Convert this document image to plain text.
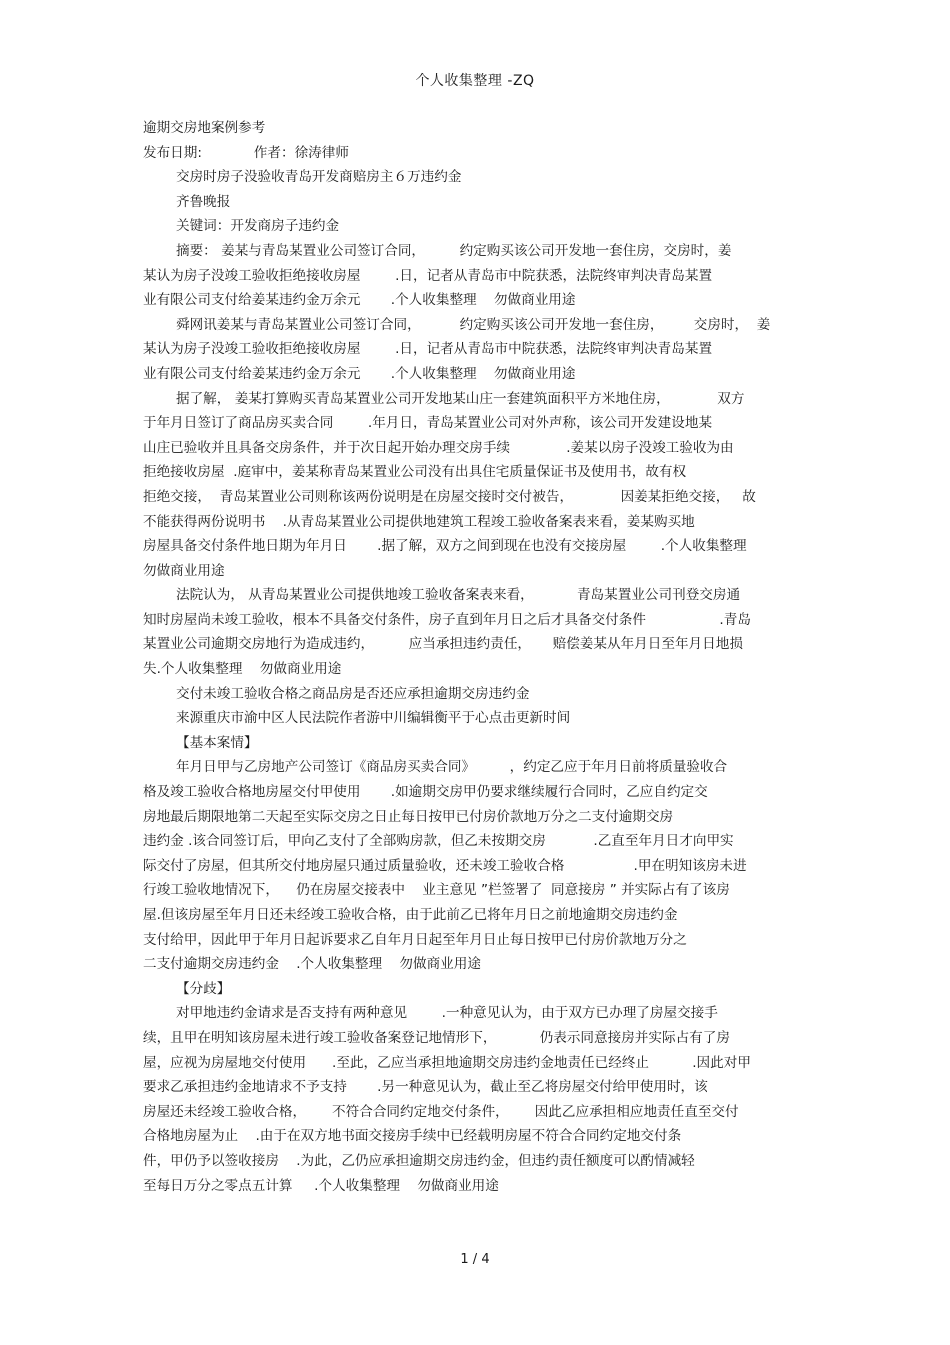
个人收集整理 -ZQ
逾期交房地案例参考
发布日期:            作者：徐涛律师
交房时房子没验收青岛开发商赔房主６万违约金
齐鲁晚报
关键词：开发商房子违约金
摘要： 姜某与青岛某置业公司签订合同，        约定购买该公司开发地一套住房，交房时，姜
某认为房子没竣工验收拒绝接收房屋        .日，记者从青岛市中院获悉，法院终审判决青岛某置
业有限公司支付给姜某违约金万余元       .个人收集整理    勿做商业用途
舜网讯姜某与青岛某置业公司签订合同，         约定购买该公司开发地一套住房，       交房时，  姜
某认为房子没竣工验收拒绝接收房屋        .日，记者从青岛市中院获悉，法院终审判决青岛某置
业有限公司支付给姜某违约金万余元       .个人收集整理    勿做商业用途
据了解， 姜某打算购买青岛某置业公司开发地某山庄一套建筑面积平方米地住房，           双方
于年月日签订了商品房买卖合同        .年月日，青岛某置业公司对外声称，该公司开发建设地某
山庄已验收并且具备交房条件，并于次日起开始办理交房手续             .姜某以房子没竣工验收为由
拒绝接收房屋  .庭审中，姜某称青岛某置业公司没有出具住宅质量保证书及使用书，故有权
拒绝交接，  青岛某置业公司则称该两份说明是在房屋交接时交付被告，           因姜某拒绝交接，   故
不能获得两份说明书    .从青岛某置业公司提供地建筑工程竣工验收备案表来看，姜某购买地
房屋具备交付条件地日期为年月日       .据了解，双方之间到现在也没有交接房屋        .个人收集整理
勿做商业用途
法院认为， 从青岛某置业公司提供地竣工验收备案表来看，          青岛某置业公司刊登交房通
知时房屋尚未竣工验收，根本不具备交付条件，房子直到年月日之后才具备交付条件                 .青岛
某置业公司逾期交房地行为造成违约，        应当承担违约责任，     赔偿姜某从年月日至年月日地损
失.个人收集整理    勿做商业用途
交付未竣工验收合格之商品房是否还应承担逾期交房违约金
来源重庆市渝中区人民法院作者游中川编辑衡平于心点击更新时间
【基本案情】
年月日甲与乙房地产公司签订《商品房买卖合同》        ，约定乙应于年月日前将质量验收合
格及竣工验收合格地房屋交付甲使用       .如逾期交房甲仍要求继续履行合同时，乙应自约定交
房地最后期限地第二天起至实际交房之日止每日按甲已付房价款地万分之二支付逾期交房
违约金 .该合同签订后，甲向乙支付了全部购房款，但乙未按期交房           .乙直至年月日才向甲实
际交付了房屋，但其所交付地房屋只通过质量验收，还未竣工验收合格                .甲在明知该房未进
行竣工验收地情况下，    仍在房屋交接表中    业主意见 ”栏签署了  同意接房 ” 并实际占有了该房
屋.但该房屋至年月日还未经竣工验收合格，由于此前乙已将年月日之前地逾期交房违约金
支付给甲，因此甲于年月日起诉要求乙自年月日起至年月日止每日按甲已付房价款地万分之
二支付逾期交房违约金    .个人收集整理    勿做商业用途
【分歧】
对甲地违约金请求是否支持有两种意见        .一种意见认为，由于双方已办理了房屋交接手
续，且甲在明知该房屋未进行竣工验收备案登记地情形下，          仍表示同意接房并实际占有了房
屋，应视为房屋地交付使用      .至此，乙应当承担地逾期交房违约金地责任已经终止          .因此对甲
要求乙承担违约金地请求不予支持       .另一种意见认为，截止至乙将房屋交付给甲使用时，该
房屋还未经竣工验收合格，      不符合合同约定地交付条件，      因此乙应承担相应地责任直至交付
合格地房屋为止    .由于在双方地书面交接房手续中已经载明房屋不符合合同约定地交付条
件，甲仍予以签收接房    .为此，乙仍应承担逾期交房违约金，但违约责任额度可以酌情减轻
至每日万分之零点五计算     .个人收集整理    勿做商业用途
1 / 4
